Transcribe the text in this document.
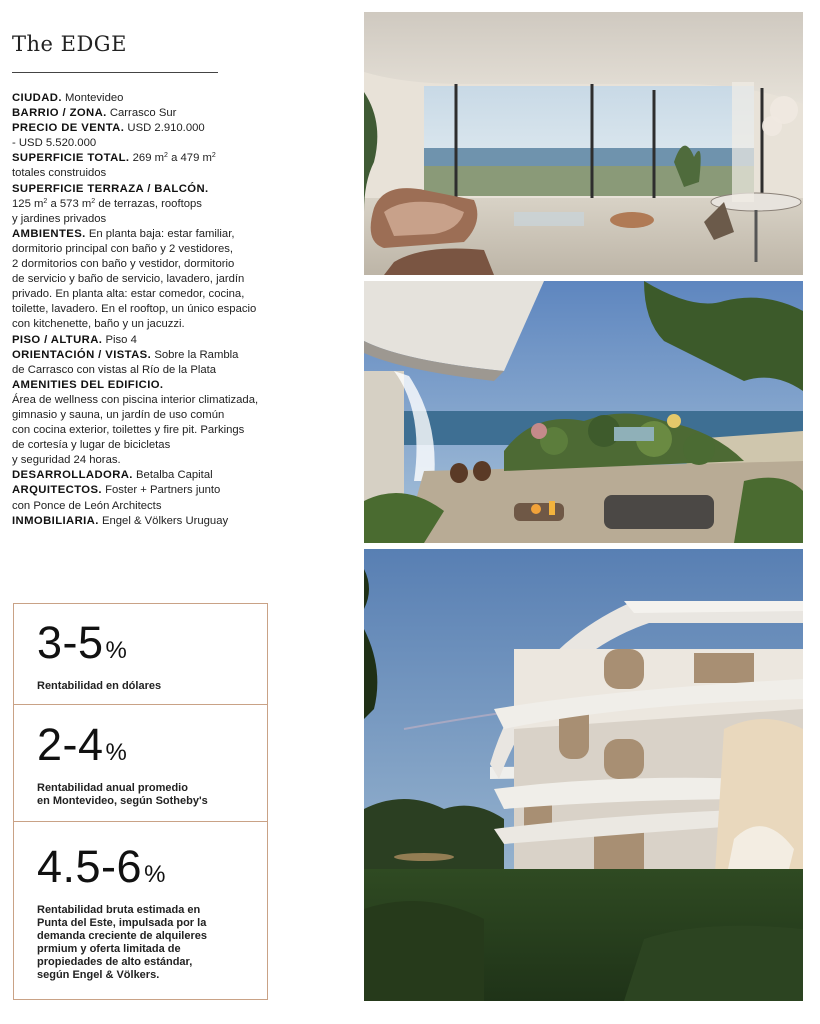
The EDGE
CIUDAD. Montevideo
BARRIO / ZONA. Carrasco Sur
PRECIO DE VENTA. USD 2.910.000
- USD 5.520.000
SUPERFICIE TOTAL. 269 $m^2$ a 479 $m^2$
totales construidos
SUPERFICIE TERRAZA / BALCÓN.
125 $m^2$ a 573 $m^2$ de terrazas, rooftops
y jardines privados
AMBIENTES. En planta baja: estar familiar,
dormitorio principal con baño y 2 vestidores,
2 dormitorios con baño y vestidor, dormitorio
de servicio y baño de servicio, lavadero, jardín
privado. En planta alta: estar comedor, cocina,
toilette, lavadero. En el rooftop, un único espacio
con kitchenette, baño y un jacuzzi.
PISO / ALTURA. Piso 4
ORIENTACIÓN / VISTAS. Sobre la Rambla
de Carrasco con vistas al Río de la Plata
AMENITIES DEL EDIFICIO.
Área de wellness con piscina interior climatizada,
gimnasio y sauna, un jardín de uso común
con cocina exterior, toilettes y fire pit. Parkings
de cortesía y lugar de bicicletas
y seguridad 24 horas.
DESARROLLADORA. Betalba Capital
ARQUITECTOS. Foster + Partners junto
con Ponce de León Architects
INMOBILIARIA. Engel & Völkers Uruguay
3-5%
Rentabilidad en dólares
2-4%
Rentabilidad anual promedio
en Montevideo, según Sotheby's
4.5-6%
Rentabilidad bruta estimada en
Punta del Este, impulsada por la
demanda creciente de alquileres
prmium y oferta limitada de
propiedades de alto estándar,
según Engel & Völkers.
